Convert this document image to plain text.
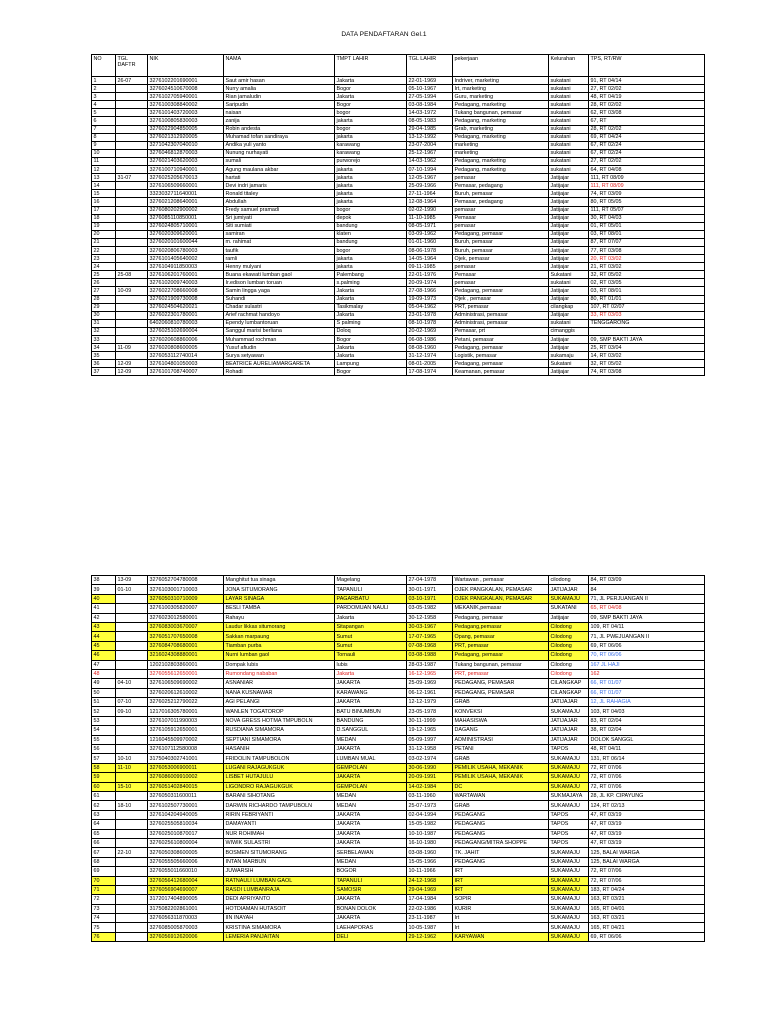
DATA PENDAFTARAN Gel.1
NO	TGL DAFTR	NIK	NAMA	TMPT LAHIR	TGL LAHIR	pekerjaan	Kelurahan	TPS, RT/RW
1	26-07	3276102201690001	Saut amir hasan	Jakarta	22-01-1969	Indriver, marketing	sukatani	91, RT 04/14
2		3276024510670008	Nurry amalia	Bogor	05-10-1967	Irt, marketing	sukatani	27, RT 02/02
3		3276102705940001	Rian jamaludin	Jakarta	27-05-1994	Guru, marketing	sukatani	48, RT 04/19
4		3276100308840002	Saripudin	Bogor	03-08-1984	Pedagang, marketing	sukatani	28, RT 02/02
5		3276101403720003	naisan	bogor	14-03-1972	Tukang bangunan, pemasar	sukatani	62, RT 03/08
6		3276100805830003	zanija	jakarta	08-05-1983	Pedagang, marketing	sukatani	67, RT
7		3276022904850005	Robin andesta	bogor	29-04-1985	Grab, marketing	sukatani	28, RT 02/02
8		3276021312920005	Muhamad tofan sandiraya	jakarta	13-12-1992	Pedagang, marketing	sukatani	69, RT 04/24
9		3271042307040010	Andika yuli yanto	karawang	23-07-2004	marketing	sukatani	67, RT 02/24
10		3276046812870003	Nunung nurhayati	karawang	25-12-1967	marketing	sukatani	67, RT 02/24
11		3276021403620003	sumali	purworejo	14-03-1962	Pedagang, marketing	sukatani	27, RT 02/02
12		3276100710940001	Agung maulana akbar	jakarta	07-10-1994	Pedagang, marketing	sukatani	64, RT 04/08
13	31-07	3276025205670013	hartati	jakarta	12-05-1967	pemasar	Jatijajar	111, RT 08/09
14		3276106509660001	Devi indri jamaris	jakarta	25-09-1966	Pemasar, pedagang	Jatijajar	111, RT 08/09
15		3323032711640001	Ronald titaley	jakarta	27-11-1964	Buruh, pemasar	Jatijajar	74, RT 03/09
16		3276021208640001	Abdullah	jakarta	12-08-1964	Pemasar, pedagang	Jatijajar	80, RT 05/05
17		3276080202900002	Fredy samuel pramadi	bogor	02-02-1990	pemasar	Jatijajar	111, RT 05/07
18		3276085110850001	Sri jumiyati	depok	11-10-1985	Pemasar	Jatijajar	30, RT 04/03
19		3276024805710001	Siti sumiati	bandung	08-05-1971	pemasar	Jatijajar	01, RT 05/01
20		3276020309620001	samiran	klaten	03-09-1962	Pedagang, pemasar	Jatijajar	03, RT 08/01
21		3276020101600044	m. rahimat	bandung	01-01-1960	Buruh, pemasar	Jatijajar	87, RT 07/07
22		3276020806780003	taufik	bogor	08-06-1978	Buruh, pemasar	Jatijajar	77, RT 03/08
23		3276101405640002	ramli	jakarta	14-05-1964	Ojek, pemasar	Jatijajar	20, RT 03/02
24		3276104911850003	Henny mulyani	jakarta	09-11-1985	pemasar	Jatijajar	21, RT 03/02
25	25-08	3276106201760001	Buana ekawati lumban gaol	Palembang	22-01-1976	Pemasar	Sukatani	32, RT 05/02
26		3276102009740003	Ir.edison lumban toruan	s.palming	20-09-1974	pemasar	sukatani	02, RT 03/05
27	10-09	3276022708660008	Samin lingga yaga	Jakarta	27-08-1966	Pedagang, pemasar	Jatijajar	03, RT 08/01
28		3276021909730008	Suhandi	Jakarta	19-09-1973	Ojek , pemasar	Jatijajar	80, RT 01/01
29		3276024504620021	Chadar sulastri	Tasikmalay	05-04-1962	PRT, pemasar	cilangkap	107, RT 02/07
30		3276022301780001	Arief rachmat handoyo	Jakarta	23-01-1978	Administrasi, pemasar	Jatijajar	33, RT 03/03
31		6402060810780003	Ependy lumbantoruan	S palming	08-10-1978	Administrasi, pemasar	sukatani	TENGGARONG
32		3276025102690004	Sanggul marisi berliana	Doloq	20-02-1969	Pemasar, prt	cimanggis	
33		3276020608860006	Muhammad rochman	Bogor	06-08-1986	Petani, pemasar	Jatijajar	09, SMP BAKTI JAYA
34	11-09	3276020808600005	Yusuf afiudin	Jakarta	08-08-1960	Pedagang, pemasar	Jatijajar	25, RT 03/04
35		3276053112740014	Surya setyawan	Jakarta	31-12-1974	Logistik, pemasar	sukamaju	14, RT 03/02
36	12-09	3276104801050003	BEATRICE AURELIAMARGARETA	Lampung	08-01-2005	Pedagang, pemasar	Sukatani	32, RT 05/02
37	12-09	3276101708740007	Rohadi	Bogor	17-08-1974	Keamanan, pemasar	Jatijajar	74, RT 03/08
38	13-09	3276052704780008	Manghitut tua sinaga	Magelang	27-04-1978	Wartawan , pemasar	cilodong	84, RT 03/09
39	01-10	3276103001710003	JONA SITUMORANG	TAPANULI	30-01-1971	OJEK PANGKALAN, PEMASAR	JATIJAJAR	84
40		3276050310710009	LAYAR SINAGA	PAGARBATU	03-10-1971	OJEK PANGKALAN, PEMASAR	SUKAMAJU	71, JL PERJUANGAN II
41		3276100305820007	BESLI TAMBA	PARDOMUAN NAULI	03-05-1982	MEKANIK,pemasar	SUKATANI	65, RT 04/08
42		3276023012580001	Rahayu	Jakarta	30-12-1958	Pedagang, pemasar	Jatijajar	09, SMP BAKTI JAYA
43		3276083003670007	Laudur likkas situmorang	Sitapangan	30-03-1967	Pedagang,pemasar	Cilodong	109, RT 04/11
44		3276051707650008	Sakkan marpaung	Sumut	17-07-1965	Opang, pemasar	Cilodong	71, JL PWEJUANGAN II
45		3276084708680001	Tiamban purba	Sumut	07-08-1968	PRT, pemasar	Cilodong	69, RT 06/06
46		3216024308880001	Nurni lumban gaol	Tornauli	03-08-1988	Pedagang, pemasar	Cilodong	70, RT 06/06
47		1202102803860001	Dompak lubis	lubis	28-03-1987	Tukang bangunan, pemasar	Cilodong	167 JL HAJI
48		3276055612650001	Rumondang nababan	Jakarta	16-12-1965	PRT, pemasar	Cilodong	162
49	04-10	3276106509690002	ASNANIAR	JAKARTA	25-09-1969	PEDAGANG, PEMASAR	CILANGKAP	66, RT 01/07
50		3276020612610002	NANA KUSNAWAR	KARAWANG	06-12-1961	PEDAGANG, PEMASAR	CILANGKAP	66, RT 01/07
51	07-10	3276025212790022	AGI PELANGI	JAKARTA	12-12-1979	GRAB	JATIJAJAR	12, JL RAHAGIA
52	09-10	1217016305780001	WANLEN TOGATOROP	BATU BINUMBUN	23-05-1978	KONVEKSI	SUKAMAJU	103, RT 04/03
53		3276107011990003	NOVA GRESS HOTMA TMPUBOLN	BANDUNG	30-11-1999	MAHASISWA	JATIJAJAR	83, RT 02/04
54		3276105912650001	RUSDIANA SIMAMORA	D.SANGGUL	19-12-1965	DAGANG	JATIJAJAR	38, RT 02/04
55		1216045509970002	SEPTIANI SIMAMORA	MEDAN	05-09-1997	ADMINISTRASI	JATIJAJAR	DOLOK SANGGL
56		3276107112580008	HASANIH	JAKARTA	31-12-1958	PETANI	TAPOS	48, RT 04/11
57	10-10	3175040302741001	FRIDOLIN TAMPUBOLON	LUMBAN MUAL	03-02-1974	GRAB	SUKAMAJU	131, RT 06/14
58	11-10	3276053006900011	LUGANI RAJAGUKGUK	GEMPOLAN	30-06-1990	PEMILIK USAHA, MEKANIK	SUKAMAJU	72, RT 07/06
59		3276086009910002	LISBET HUTAJULU	JAKARTA	20-09-1991	PEMILIK USAHA, MEKANIK	SUKAMAJU	72, RT 07/06
60	15-10	3276051402840015	LIGONDRO RAJAGUKGUK	GEMPOLAN	14-02-1984	DC	SUKAMAJU	72, RT 07/06
61		3276050311600011	BARANI SIHOTANG	MEDAN	03-11-1960	WARTAWAN	SUKMAJAYA	28, JL KP. CIPAYUNG
62	18-10	3276102507730001	DARWIN RICHARDO TAMPUBOLN	MEDAN	25-07-1973	GRAB	SUKAMAJU	124, RT 02/13
63		3276104204940005	RIRIN FEBRIYANTI	JAKARTA	02-04-1994	PEDAGANG	TAPOS	47, RT 03/19
64		3276025505810034	DAMAYANTI	JAKARTA	15-05-1982	PEDAGANG	TAPOS	47, RT 03/19
65		3276025010870017	NUR ROHIMAH	JAKARTA	10-10-1987	PEDAGANG	TAPOS	47, RT 03/19
66		3276025610800004	WIWIK SULASTRI	JAKARTA	16-10-1980	PEDAGANG/MITRA SHOPPE	TAPOS	47, RT 03/19
67	22-10	3276050308600005	BOSMEN SITUMORANG	SERBELAWAN	03-08-1960	TK. JAHIT	SUKAMAJU	125, BALAI WARGA
68		3276055505660006	INTAN MARBUN	MEDAN	15-05-1966	PEDAGANG	SUKAMAJU	125, BALAI WARGA
69		3276055011660010	JUWARSIH	BOGOR	10-11-1966	IRT	SUKAMAJU	72, RT 07/06
70		3276056412680004	RATNAULI LUMBAN GAOL	TAPANULI	24-12-1968	IRT	SUKAMAJU	72, RT 07/06
71		3276056904690007	RASDI LUMBANRAJA	SAMOSIR	29-04-1969	IRT	SUKAMAJU	183, RT 04/24
72		3172017404890005	DEDI APRIYANTO	JAKARTA	17-04-1984	SOPIR	SUKAMAJU	163, RT 03/21
73		3175082202861001	HOTDIAMAN HUTASOIT	BONAN DOLOK	22-02-1986	KURIR	SUKAMAJU	165, RT 04/01
74		3276056311870003	IIN INAYAH	JAKARTA	23-11-1987	Irt	SUKAMAJU	163, RT 03/21
75		3276085005870003	KRISTINA SIMAMORA	LAEHAPORAS	10-05-1987	Irt	SUKAMAJU	165, RT 04/21
76		3276056912620006	LEMERIA PANJAITAN	DELI	29-12-1962	KARYAWAN	SUKAMAJU	69, RT 06/06
